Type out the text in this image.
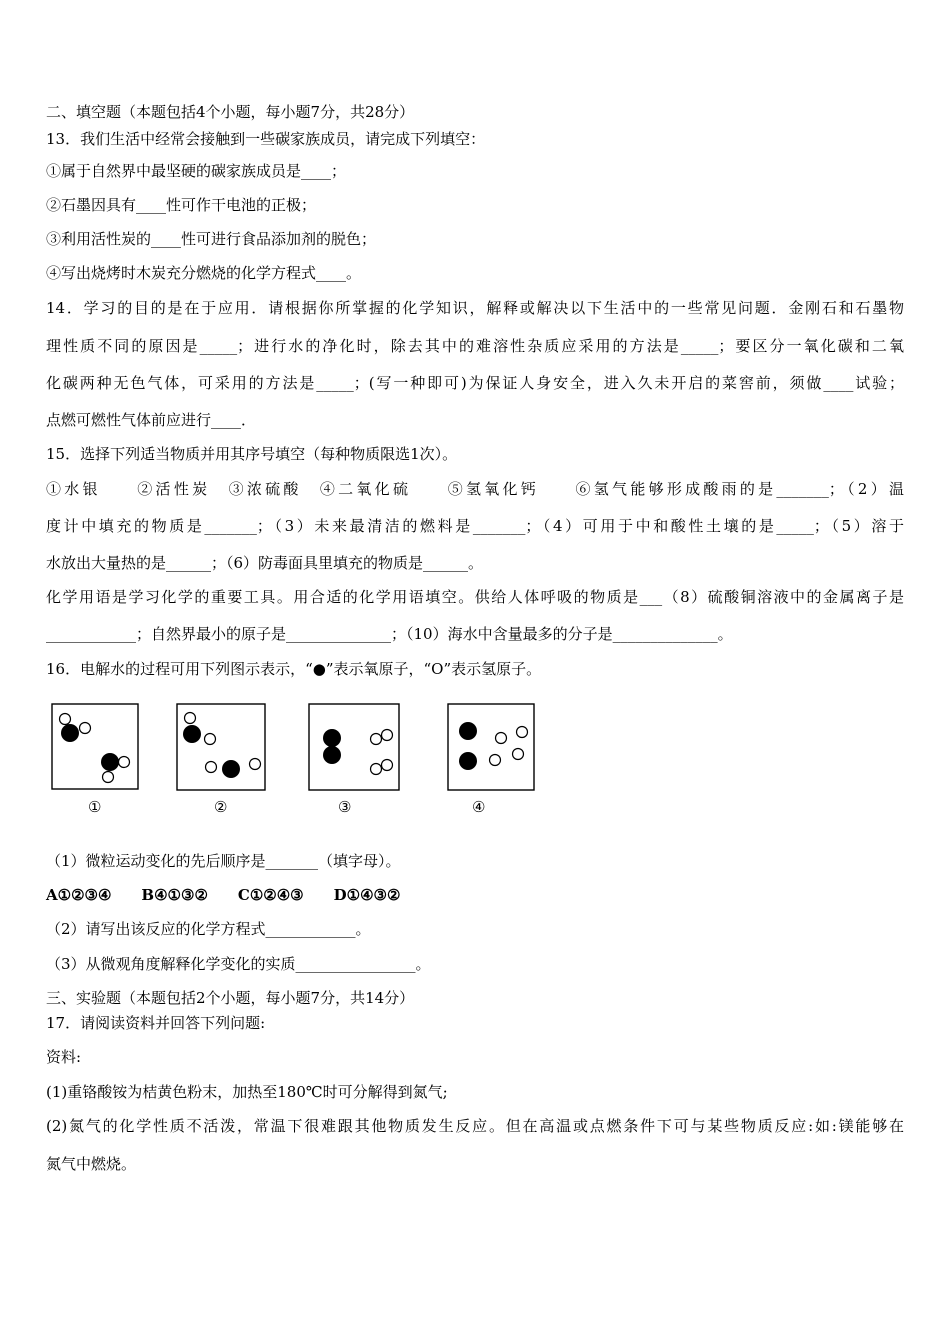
二、填空题（本题包括4个小题，每小题7分，共28分）
13．我们生活中经常会接触到一些碳家族成员，请完成下列填空：
①属于自然界中最坚硬的碳家族成员是____；
②石墨因具有____性可作干电池的正极；
③利用活性炭的____性可进行食品添加剂的脱色；
④写出烧烤时木炭充分燃烧的化学方程式____。
14．学习的目的是在于应用．请根据你所掌握的化学知识，解释或解决以下生活中的一些常见问题．金刚石和石墨物
理性质不同的原因是_____；进行水的净化时，除去其中的难溶性杂质应采用的方法是_____；要区分一氧化碳和二氧
化碳两种无色气体，可采用的方法是_____；(写一种即可)为保证人身安全，进入久未开启的菜窖前，须做____试验；
点燃可燃性气体前应进行____．
15．选择下列适当物质并用其序号填空（每种物质限选1次）。
①水银　　②活性炭　③浓硫酸　④二氧化硫　　⑤氢氧化钙　　⑥氢气能够形成酸雨的是_______；（2）温
度计中填充的物质是_______；（3）未来最清洁的燃料是_______；（4）可用于中和酸性土壤的是_____；（5）溶于
水放出大量热的是______；（6）防毒面具里填充的物质是______。
化学用语是学习化学的重要工具。用合适的化学用语填空。供给人体呼吸的物质是___（8）硫酸铜溶液中的金属离子是
____________；自然界最小的原子是______________；（10）海水中含量最多的分子是______________。
16．电解水的过程可用下列图示表示，“●”表示氧原子，“O”表示氢原子。
①	②	③	④
（1）微粒运动变化的先后顺序是_______（填字母）。
A①②③④　　B④①③②　　C①②④③　　D①④③②
（2）请写出该反应的化学方程式____________。
（3）从微观角度解释化学变化的实质________________。
三、实验题（本题包括2个小题，每小题7分，共14分）
17．请阅读资料并回答下列问题:
资料:
(1)重铬酸铵为桔黄色粉末，加热至180℃时可分解得到氮气;
(2)氮气的化学性质不活泼，常温下很难跟其他物质发生反应。但在高温或点燃条件下可与某些物质反应:如:镁能够在
氮气中燃烧。
